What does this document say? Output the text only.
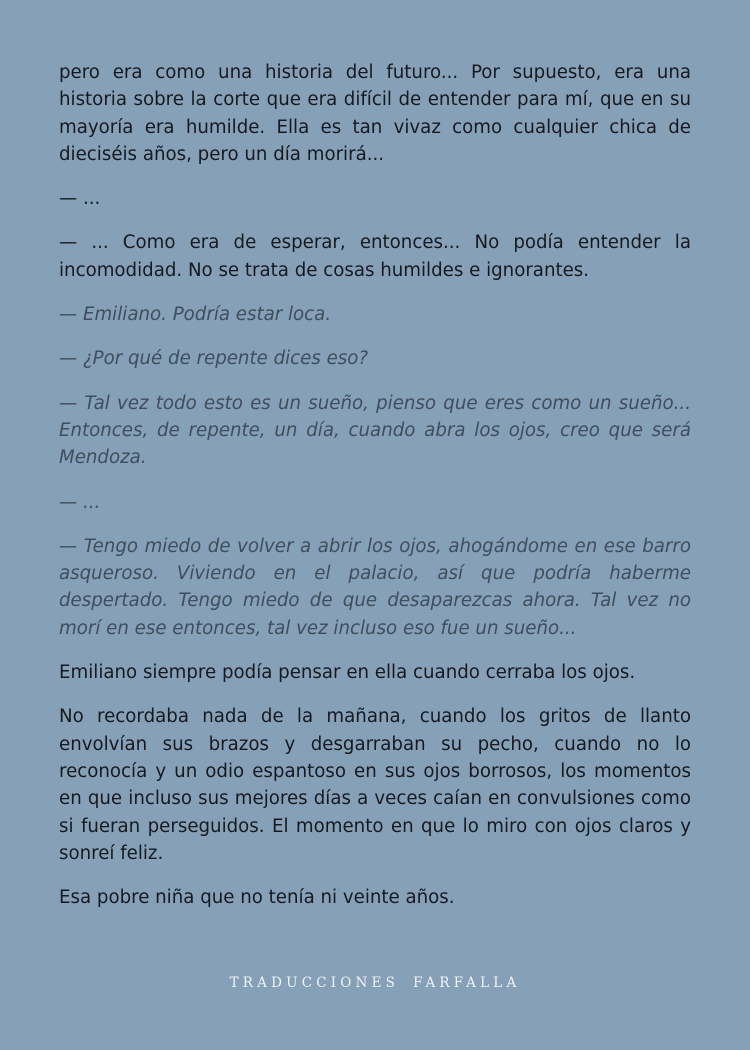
pero era como una historia del futuro... Por supuesto, era una historia sobre la corte que era difícil de entender para mí, que en su mayoría era humilde. Ella es tan vivaz como cualquier chica de dieciséis años, pero un día morirá...

— ...

— ... Como era de esperar, entonces... No podía entender la incomodidad. No se trata de cosas humildes e ignorantes.

— Emiliano. Podría estar loca.

— ¿Por qué de repente dices eso?

— Tal vez todo esto es un sueño, pienso que eres como un sueño... Entonces, de repente, un día, cuando abra los ojos, creo que será Mendoza.

— ...

— Tengo miedo de volver a abrir los ojos, ahogándome en ese barro asqueroso. Viviendo en el palacio, así que podría haberme despertado. Tengo miedo de que desaparezcas ahora. Tal vez no morí en ese entonces, tal vez incluso eso fue un sueño...

Emiliano siempre podía pensar en ella cuando cerraba los ojos.

No recordaba nada de la mañana, cuando los gritos de llanto envolvían sus brazos y desgarraban su pecho, cuando no lo reconocía y un odio espantoso en sus ojos borrosos, los momentos en que incluso sus mejores días a veces caían en convulsiones como si fueran perseguidos. El momento en que lo miro con ojos claros y sonreí feliz.

Esa pobre niña que no tenía ni veinte años.

TRADUCCIONES FARFALLA
